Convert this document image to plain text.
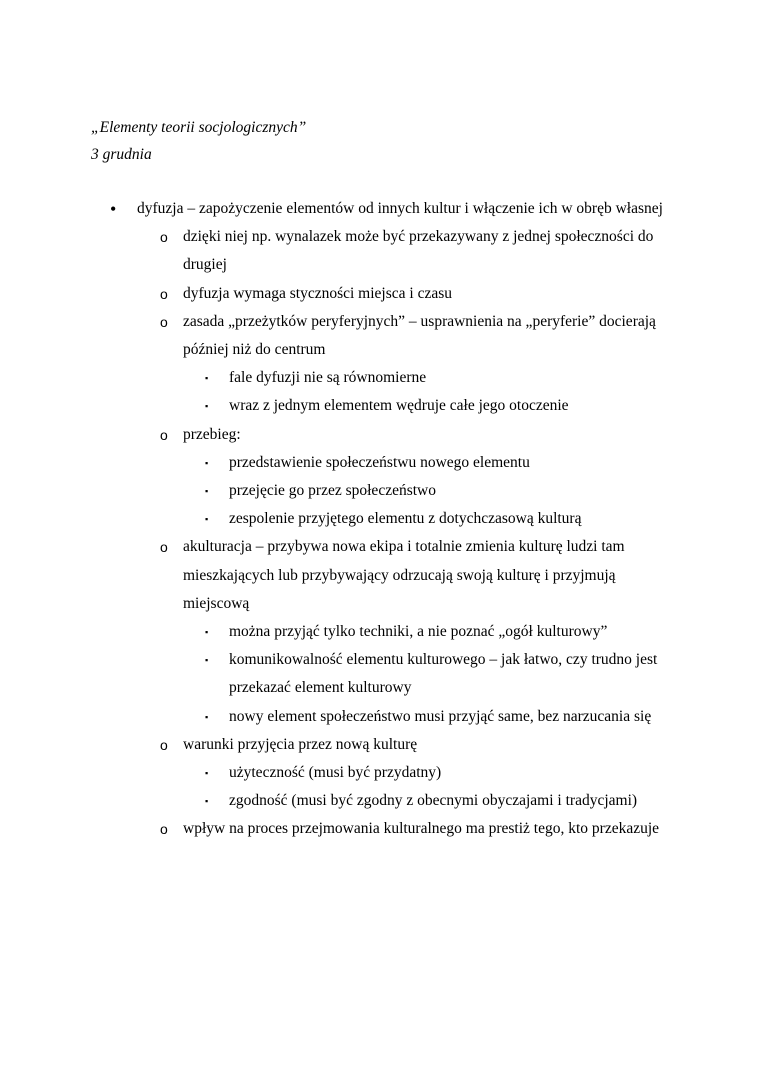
„Elementy teorii socjologicznych”
3 grudnia
•	dyfuzja – zapożyczenie elementów od innych kultur i włączenie ich w obręb własnej
o dzięki niej np. wynalazek może być przekazywany z jednej społeczności do drugiej
o dyfuzja wymaga styczności miejsca i czasu
o zasada „przeżytków peryferyjnych” – usprawnienia na „peryferie” docierają później niż do centrum
▪	fale dyfuzji nie są równomierne
▪	wraz z jednym elementem wędruje całe jego otoczenie
o przebieg:
▪	przedstawienie społeczeństwu nowego elementu
▪	przejęcie go przez społeczeństwo
▪	zespolenie przyjętego elementu z dotychczasową kulturą
o akulturacja – przybywa nowa ekipa i totalnie zmienia kulturę ludzi tam mieszkających lub przybywający odrzucają swoją kulturę i przyjmują miejscową
▪	można przyjąć tylko techniki, a nie poznać „ogół kulturowy”
▪	komunikowalność elementu kulturowego – jak łatwo, czy trudno jest przekazać element kulturowy
▪	nowy element społeczeństwo musi przyjąć same, bez narzucania się
o warunki przyjęcia przez nową kulturę
▪	użyteczność (musi być przydatny)
▪	zgodność (musi być zgodny z obecnymi obyczajami i tradycjami)
o wpływ na proces przejmowania kulturalnego ma prestiż tego, kto przekazuje
